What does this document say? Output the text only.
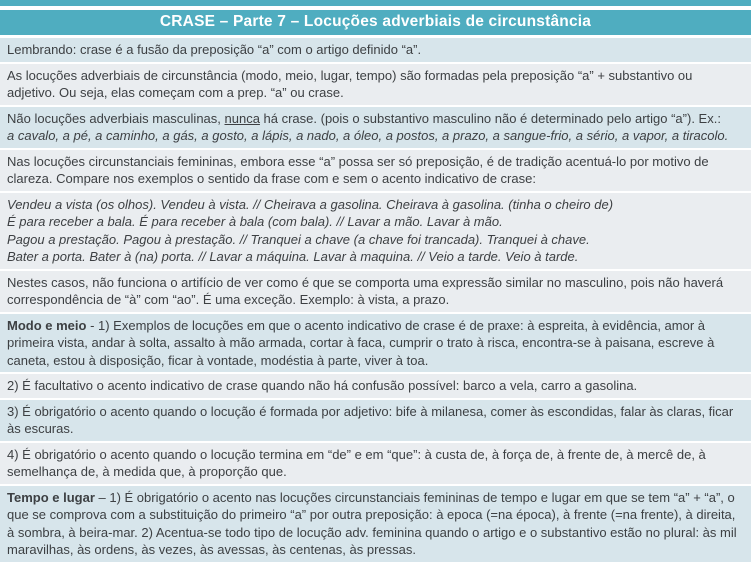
CRASE – Parte 7 – Locuções adverbiais de circunstância
Lembrando: crase é a fusão da preposição “a” com o artigo definido “a”.
As locuções adverbiais de circunstância (modo, meio, lugar, tempo) são formadas pela preposição “a” + substantivo ou adjetivo. Ou seja, elas começam com a prep. “a” ou crase.
Não locuções adverbiais masculinas, nunca há crase. (pois o substantivo masculino não é determinado pelo artigo “a”). Ex.:
a cavalo, a pé, a caminho, a gás, a gosto, a lápis, a nado, a óleo, a postos, a prazo, a sangue-frio, a sério, a vapor, a tiracolo.
Nas locuções circunstanciais femininas, embora esse “a” possa ser só preposição, é de tradição acentuá-lo por motivo de clareza. Compare nos exemplos o sentido da frase com e sem o acento indicativo de crase:
Vendeu a vista (os olhos). Vendeu à vista. // Cheirava a gasolina. Cheirava à gasolina. (tinha o cheiro de)
É para receber a bala. É para receber à bala (com bala). // Lavar a mão. Lavar à mão.
Pagou a prestação. Pagou à prestação. // Tranquei a chave (a chave foi trancada). Tranquei à chave.
Bater a porta. Bater à (na) porta. // Lavar a máquina. Lavar à maquina. // Veio a tarde. Veio à tarde.
Nestes casos, não funciona o artifício de ver como é que se comporta uma expressão similar no masculino, pois não haverá correspondência de “à” com “ao”. É uma exceção. Exemplo: à vista, a prazo.
Modo e meio - 1) Exemplos de locuções em que o acento indicativo de crase é de praxe: à espreita, à evidência, amor à primeira vista, andar à solta, assalto à mão armada, cortar à faca, cumprir o trato à risca, encontra-se à paisana, escreve à caneta, estou à disposição, ficar à vontade, modéstia à parte, viver à toa.
2) É facultativo o acento indicativo de crase quando não há confusão possível: barco a vela, carro a gasolina.
3) É obrigatório o acento quando o locução é formada por adjetivo: bife à milanesa, comer às escondidas, falar às claras, ficar às escuras.
4) É obrigatório o acento quando o locução termina em “de” e em “que”: à custa de, à força de, à frente de, à mercê de, à semelhança de, à medida que, à proporção que.
Tempo e lugar – 1) É obrigatório o acento nas locuções circunstanciais femininas de tempo e lugar em que se tem “a” + “a”, o que se comprova com a substituição do primeiro “a” por outra preposição: à epoca (=na época), à frente (=na frente), à direita, à sombra, à beira-mar. 2) Acentua-se todo tipo de locução adv. feminina quando o artigo e o substantivo estão no plural: às mil maravilhas, às ordens, às vezes, às avessas, às centenas, às pressas.
